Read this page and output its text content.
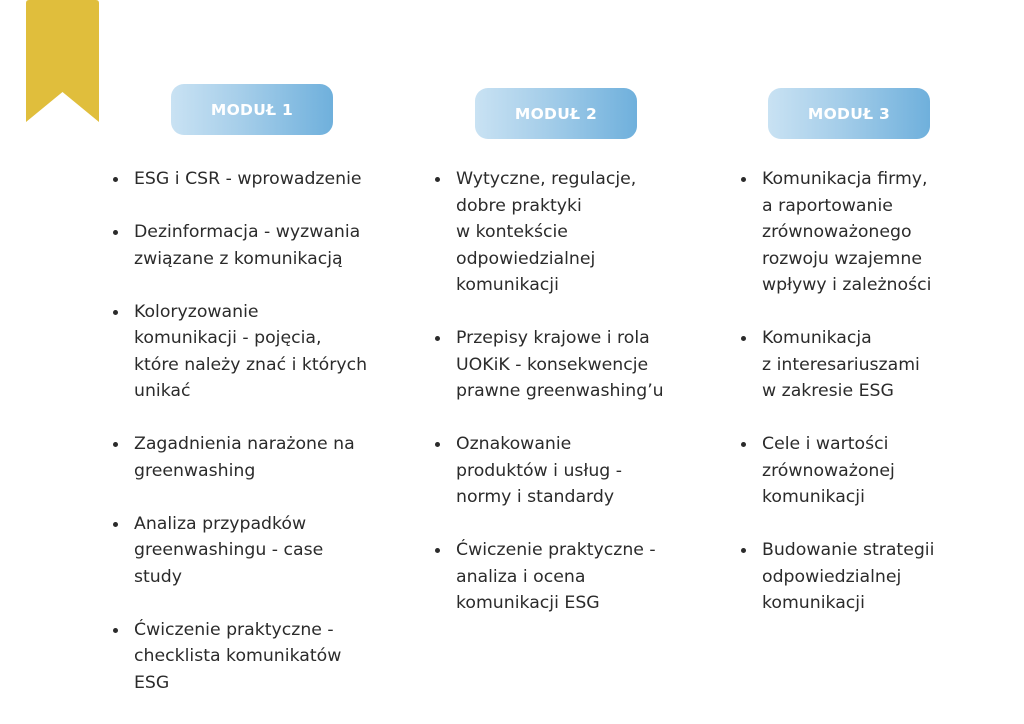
MODUŁ 1	MODUŁ 2	MODUŁ 3
ESG i CSR - wprowadzenie
Dezinformacja - wyzwania
związane z komunikacją
Koloryzowanie
komunikacji - pojęcia,
które należy znać i których
unikać
Zagadnienia narażone na
greenwashing
Analiza przypadków
greenwashingu - case
study
Ćwiczenie praktyczne -
checklista komunikatów
ESG
Wytyczne, regulacje,
dobre praktyki
w kontekście
odpowiedzialnej
komunikacji
Przepisy krajowe i rola
UOKiK - konsekwencje
prawne greenwashing’u
Oznakowanie
produktów i usług -
normy i standardy
Ćwiczenie praktyczne -
analiza i ocena
komunikacji ESG
Komunikacja firmy,
a raportowanie
zrównoważonego
rozwoju wzajemne
wpływy i zależności
Komunikacja
z interesariuszami
w zakresie ESG
Cele i wartości
zrównoważonej
komunikacji
Budowanie strategii
odpowiedzialnej
komunikacji
